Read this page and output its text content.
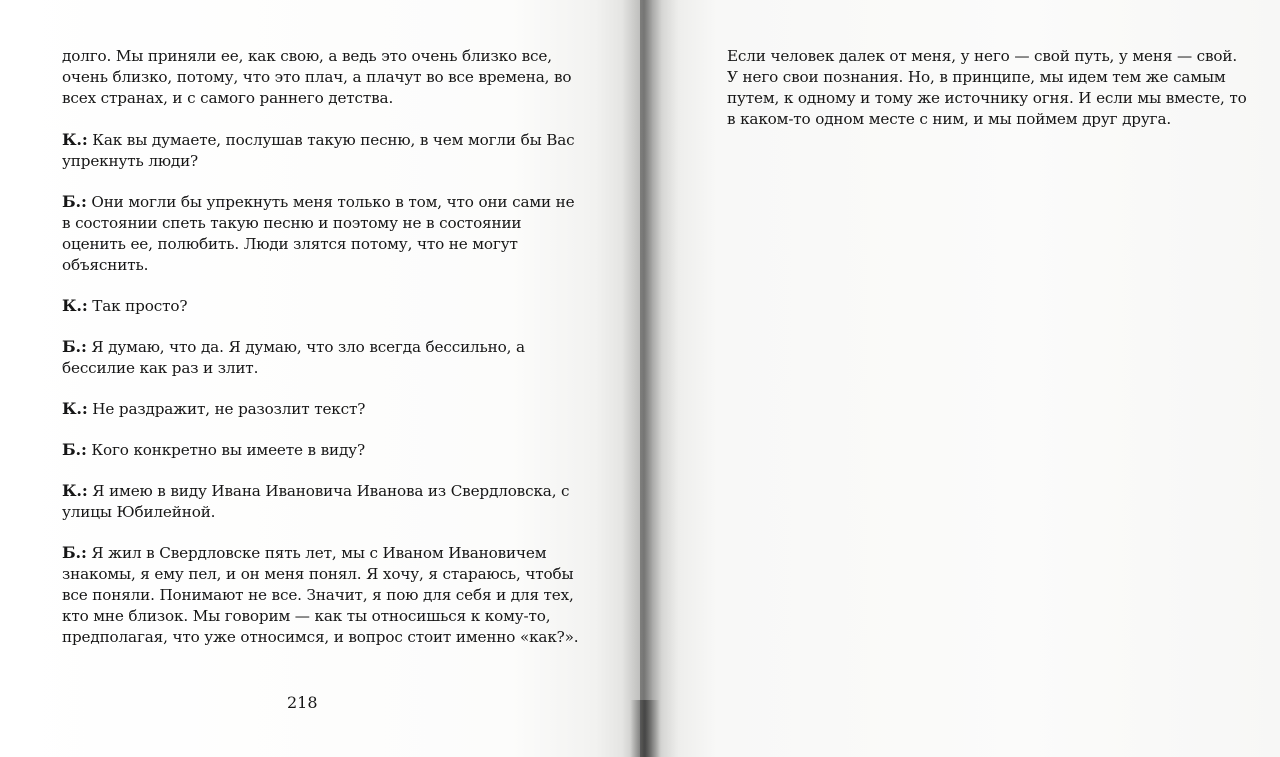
долго. Мы приняли ее, как свою, а ведь это очень близко все, очень близко, потому, что это плач, а плачут во все времена, во всех странах, и с самого раннего детства.

К.: Как вы думаете, послушав такую песню, в чем могли бы Вас упрекнуть люди?

Б.: Они могли бы упрекнуть меня только в том, что они сами не в состоянии спеть такую песню и поэтому не в состоянии оценить ее, полюбить. Люди злятся потому, что не могут объяснить.

К.: Так просто?

Б.: Я думаю, что да. Я думаю, что зло всегда бессильно, а бессилие как раз и злит.

К.: Не раздражит, не разозлит текст?

Б.: Кого конкретно вы имеете в виду?

К.: Я имею в виду Ивана Ивановича Иванова из Свердловска, с улицы Юбилейной.

Б.: Я жил в Свердловске пять лет, мы с Иваном Ивановичем знакомы, я ему пел, и он меня понял. Я хочу, я стараюсь, чтобы все поняли. Понимают не все. Значит, я пою для себя и для тех, кто мне близок. Мы говорим — как ты относишься к кому-то, предполагая, что уже относимся, и вопрос стоит именно «как?».

218

Если человек далек от меня, у него — свой путь, у меня — свой. У него свои познания. Но, в принципе, мы идем тем же самым путем, к одному и тому же источнику огня. И если мы вместе, то в каком-то одном месте с ним, и мы поймем друг друга.
